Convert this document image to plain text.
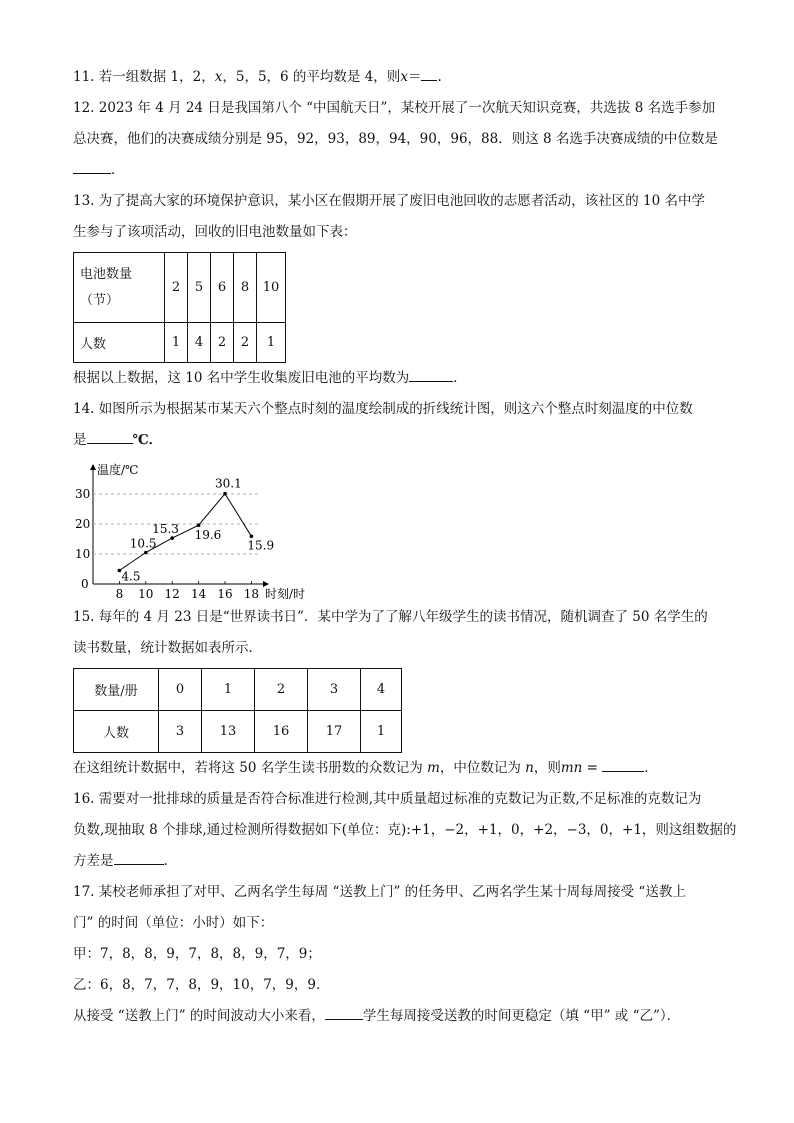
11. 若一组数据 1，2，x，5，5，6 的平均数是 4，则x＝ .
12. 2023 年 4 月 24 日是我国第八个 “中国航天日”，某校开展了一次航天知识竞赛，共选拔 8 名选手参加
总决赛，他们的决赛成绩分别是 95，92，93，89，94，90，96，88．则这 8 名选手决赛成绩的中位数是
．
13. 为了提高大家的环境保护意识，某小区在假期开展了废旧电池回收的志愿者活动，该社区的 10 名中学
生参与了该项活动，回收的旧电池数量如下表：
电池数量
（节）	2	5	6	8	10
人数	1	4	2	2	1
根据以上数据，这 10 名中学生收集废旧电池的平均数为	．
14. 如图所示为根据某市某天六个整点时刻的温度绘制成的折线统计图，则这六个整点时刻温度的中位数
是	℃．
温度/℃
时刻/时
0
10
20
30
8 10 12 14 16 18
4.5
10.5
15.3 19.6
30.1
15.9
15. 每年的 4 月 23 日是“世界读书日”．某中学为了了解八年级学生的读书情况，随机调查了 50 名学生的
读书数量，统计数据如表所示．
数量/册	0	1	2	3	4
人数	3	13	16	17	1
在这组统计数据中，若将这 50 名学生读书册数的众数记为 m，中位数记为 n，则mn =	．
16. 需要对一批排球的质量是否符合标准进行检测,其中质量超过标准的克数记为正数,不足标准的克数记为
负数,现抽取 8 个排球,通过检测所得数据如下(单位：克):+1，−2，+1，0，+2，−3，0，+1，则这组数据的
方差是	.
17. 某校老师承担了对甲、乙两名学生每周 “送教上门” 的任务甲、乙两名学生某十周每周接受 “送教上
门” 的时间（单位：小时）如下：
甲：7，8，8，9，7，8，8，9，7，9；
乙：6，8，7，7，8，9，10，7，9，9．
从接受 “送教上门” 的时间波动大小来看，	学生每周接受送教的时间更稳定（填 “甲” 或 “乙”）．
